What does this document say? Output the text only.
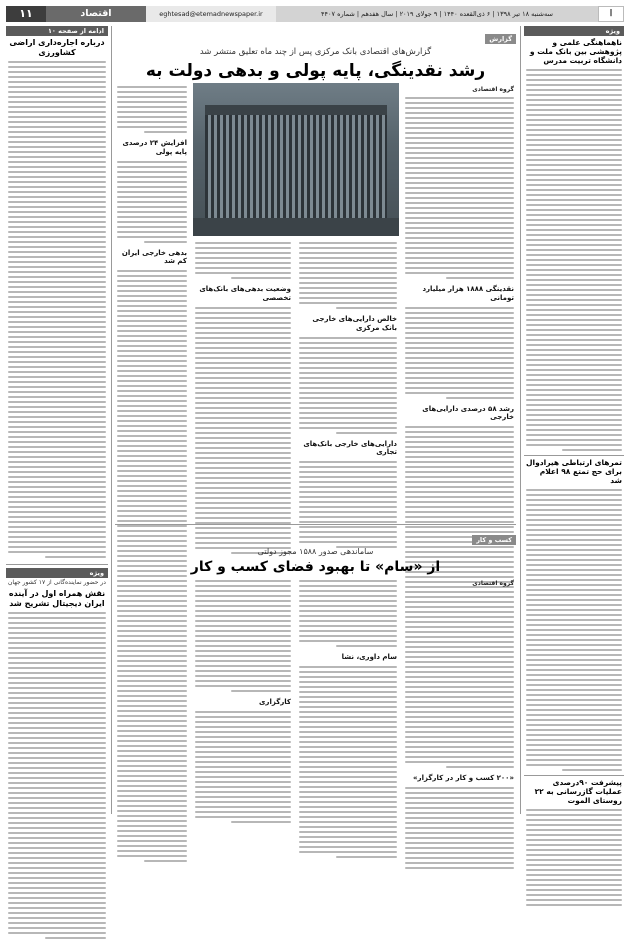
۱۱	اقتصاد	eghtesad@etemadnewspaper.ir	سه‌شنبه ۱۸ تیر ۱۳۹۸ | ۶ ذی‌القعده ۱۴۴۰ | ۹ جولای ۲۰۱۹ | سال هفدهم | شماره ۴۴۰۷	ا
ویژه
ناهماهنگی علمی و پژوهشی بین بانک ملت و دانشگاه تربیت مدرس
تمرهای ارتباطی هیرادوال برای حج تمتع ۹۸ اعلام شد
پیشرفت ۹۰درصدی عملیات گازرسانی به ۲۲ روستای الموت
گزارش
گزارش‌های اقتصادی بانک مرکزی پس از چند ماه تعلیق منتشر شد
رشد نقدینگی، پایه پولی و بدهی دولت به
گروه اقتصادی
نقدینگی ۱۸۸۸ هزار میلیارد تومانی
رشد ۵۸ درصدی دارایی‌های خارجی
افزایش ۲۴ درصدی پایه پولی
بدهی خارجی ایران کم شد
خالص دارایی‌های خارجی بانک مرکزی
دارایی‌های خارجی بانک‌های تجاری
وضعیت بدهی‌های بانک‌های تخصصی
کسب و کار
ساماندهی صدور ۱۵۸۸ مجوز دولتی
از «سام» تا بهبود فضای کسب و کار
گروه اقتصادی
«۲۰۰ کسب و کار در کارگزار»
سام داوری، نشا
کارگزاری
ادامه از صفحه ۱۰
درباره اجاره‌داری اراضی کشاورزی
ویژه
در حضور نماینده‌گانی از ۱۷ کشور جهان
نقش همراه اول در آینده ایران دیجیتال تشریح شد
